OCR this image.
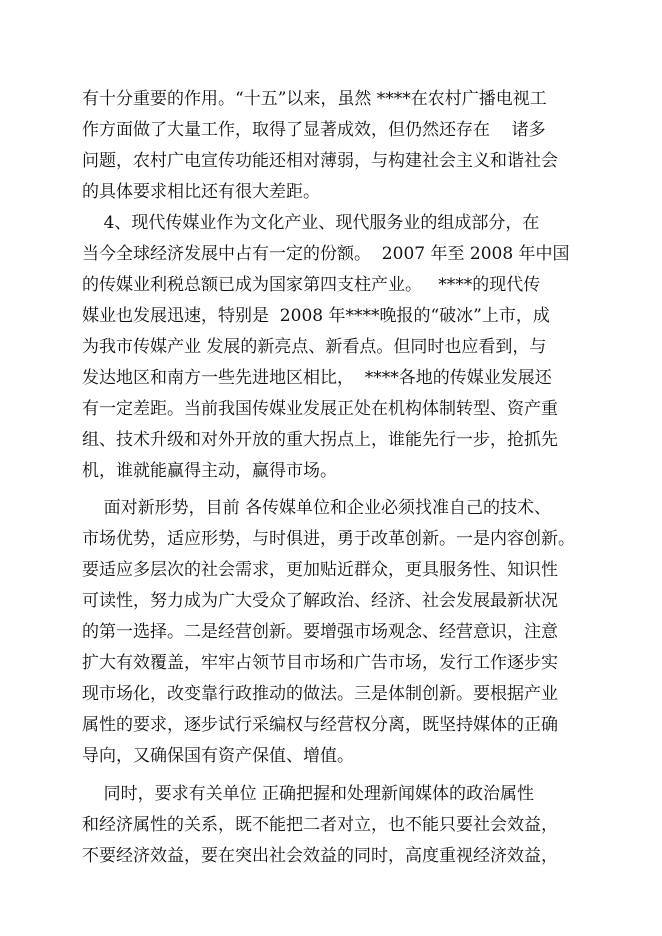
有十分重要的作用。“十五”以来，虽然 ****在农村广播电视工
作方面做了大量工作，取得了显著成效，但仍然还存在    诸多
问题，农村广电宣传功能还相对薄弱，与构建社会主义和谐社会
的具体要求相比还有很大差距。
4、现代传媒业作为文化产业、现代服务业的组成部分，在
当今全球经济发展中占有一定的份额。  2007 年至 2008 年中国
的传媒业利税总额已成为国家第四支柱产业。   ****的现代传
媒业也发展迅速，特别是  2008 年****晚报的“破冰”上市，成
为我市传媒产业 发展的新亮点、新看点。但同时也应看到，与
发达地区和南方一些先进地区相比，  ****各地的传媒业发展还
有一定差距。当前我国传媒业发展正处在机构体制转型、资产重
组、技术升级和对外开放的重大拐点上，谁能先行一步，抢抓先
机，谁就能赢得主动，赢得市场。
面对新形势，目前 各传媒单位和企业必须找准自己的技术、
市场优势，适应形势，与时俱进，勇于改革创新。一是内容创新。
要适应多层次的社会需求，更加贴近群众，更具服务性、知识性
可读性，努力成为广大受众了解政治、经济、社会发展最新状况
的第一选择。二是经营创新。要增强市场观念、经营意识，注意
扩大有效覆盖，牢牢占领节目市场和广告市场，发行工作逐步实
现市场化，改变靠行政推动的做法。三是体制创新。要根据产业
属性的要求，逐步试行采编权与经营权分离，既坚持媒体的正确
导向，又确保国有资产保值、增值。
同时，要求有关单位 正确把握和处理新闻媒体的政治属性
和经济属性的关系，既不能把二者对立，也不能只要社会效益，
不要经济效益，要在突出社会效益的同时，高度重视经济效益，
